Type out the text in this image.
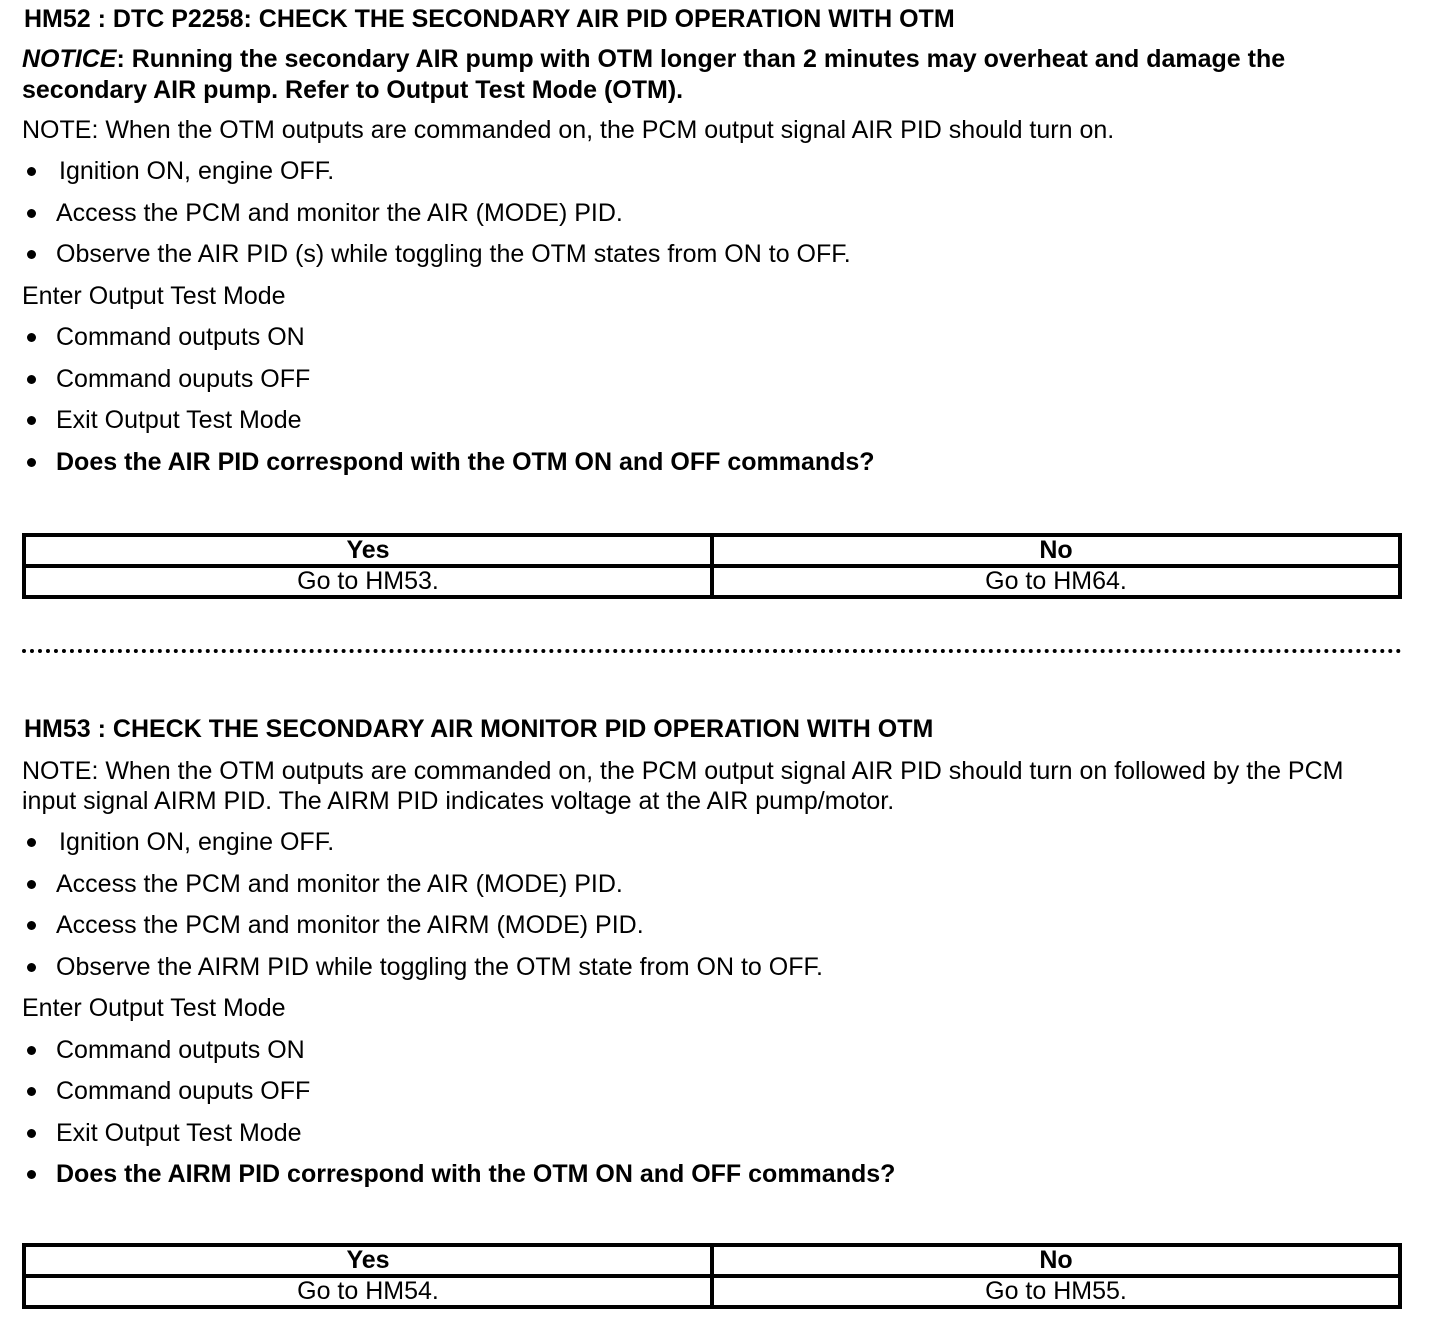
HM52 : DTC P2258: CHECK THE SECONDARY AIR PID OPERATION WITH OTM
NOTICE: Running the secondary AIR pump with OTM longer than 2 minutes may overheat and damage the secondary AIR pump. Refer to Output Test Mode (OTM).
NOTE: When the OTM outputs are commanded on, the PCM output signal AIR PID should turn on.
Ignition ON, engine OFF.
Access the PCM and monitor the AIR (MODE) PID.
Observe the AIR PID (s) while toggling the OTM states from ON to OFF.
Enter Output Test Mode
Command outputs ON
Command ouputs OFF
Exit Output Test Mode
Does the AIR PID correspond with the OTM ON and OFF commands?
Yes	No
Go to HM53.	Go to HM64.
HM53 : CHECK THE SECONDARY AIR MONITOR PID OPERATION WITH OTM
NOTE: When the OTM outputs are commanded on, the PCM output signal AIR PID should turn on followed by the PCM input signal AIRM PID. The AIRM PID indicates voltage at the AIR pump/motor.
Ignition ON, engine OFF.
Access the PCM and monitor the AIR (MODE) PID.
Access the PCM and monitor the AIRM (MODE) PID.
Observe the AIRM PID while toggling the OTM state from ON to OFF.
Enter Output Test Mode
Command outputs ON
Command ouputs OFF
Exit Output Test Mode
Does the AIRM PID correspond with the OTM ON and OFF commands?
Yes	No
Go to HM54.	Go to HM55.
